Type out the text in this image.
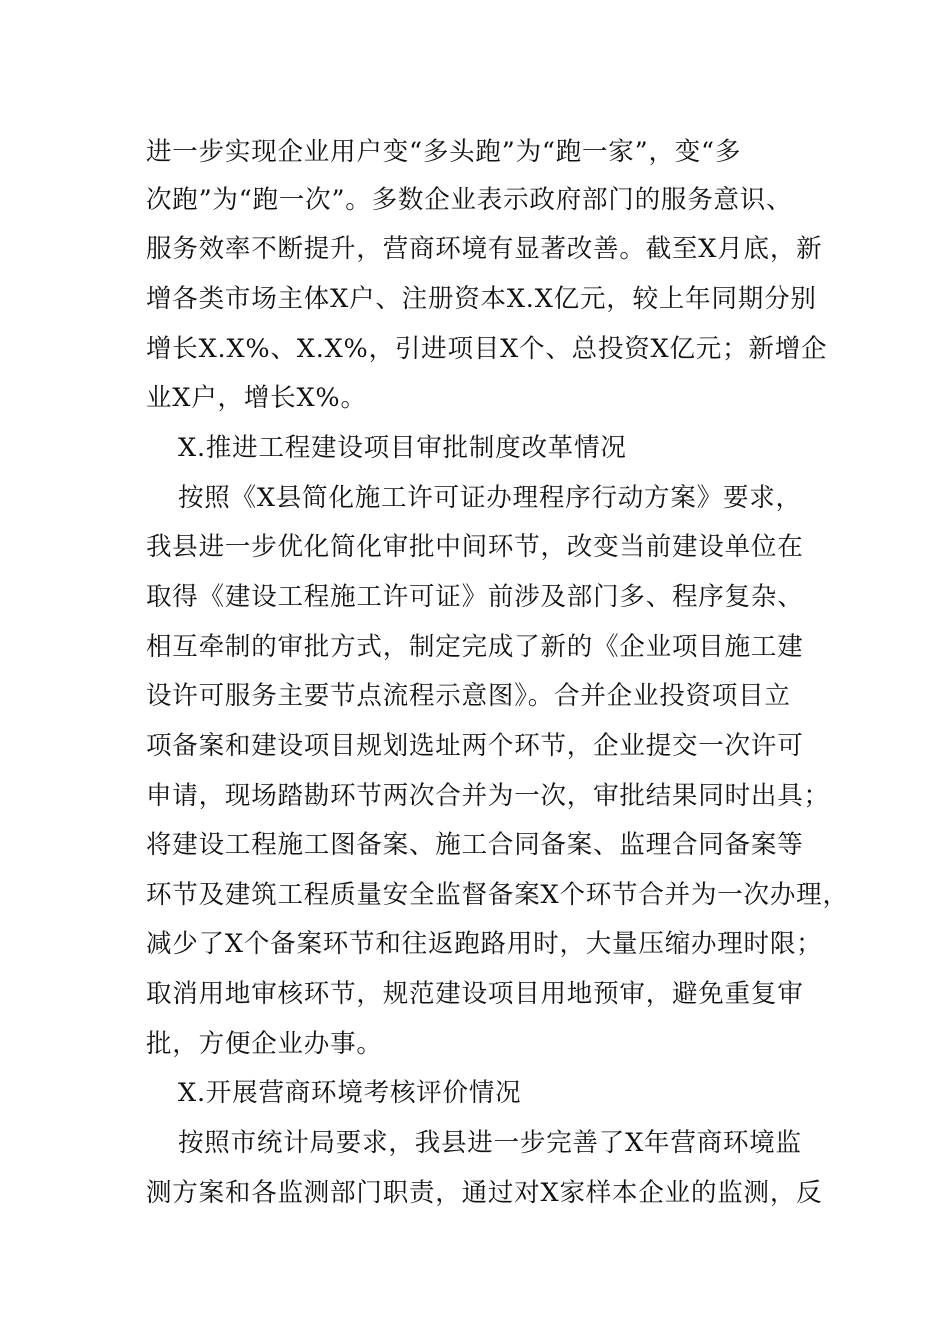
进一步实现企业用户变“多头跑”为“跑一家”，变“多
次跑”为“跑一次”。多数企业表示政府部门的服务意识、
服务效率不断提升，营商环境有显著改善。截至X月底，新
增各类市场主体X户、注册资本X.X亿元，较上年同期分别
增长X.X%、X.X%，引进项目X个、总投资X亿元；新增企
业X户，增长X%。
X.推进工程建设项目审批制度改革情况
按照《X县简化施工许可证办理程序行动方案》要求，
我县进一步优化简化审批中间环节，改变当前建设单位在
取得《建设工程施工许可证》前涉及部门多、程序复杂、
相互牵制的审批方式，制定完成了新的《企业项目施工建
设许可服务主要节点流程示意图》。合并企业投资项目立
项备案和建设项目规划选址两个环节，企业提交一次许可
申请，现场踏勘环节两次合并为一次，审批结果同时出具；
将建设工程施工图备案、施工合同备案、监理合同备案等
环节及建筑工程质量安全监督备案X个环节合并为一次办理，
减少了X个备案环节和往返跑路用时，大量压缩办理时限；
取消用地审核环节，规范建设项目用地预审，避免重复审
批，方便企业办事。
X.开展营商环境考核评价情况
按照市统计局要求，我县进一步完善了X年营商环境监
测方案和各监测部门职责，通过对X家样本企业的监测，反
